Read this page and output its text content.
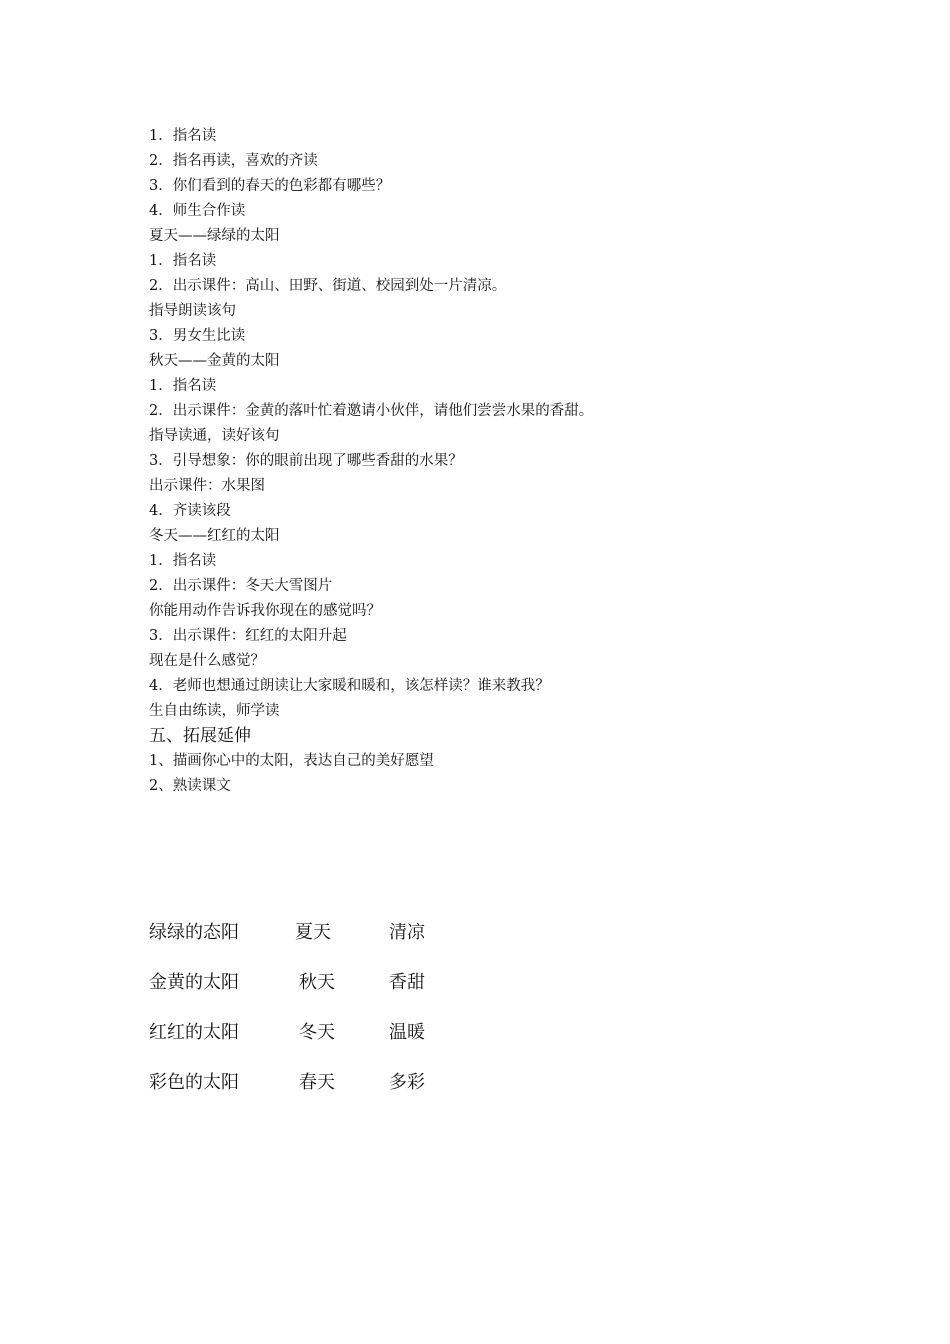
1．指名读
2．指名再读，喜欢的齐读
3．你们看到的春天的色彩都有哪些？
4．师生合作读
夏天——绿绿的太阳
1．指名读
2．出示课件：高山、田野、街道、校园到处一片清凉。
指导朗读该句
3．男女生比读
秋天——金黄的太阳
1．指名读
2．出示课件：金黄的落叶忙着邀请小伙伴，请他们尝尝水果的香甜。
指导读通，读好该句
3．引导想象：你的眼前出现了哪些香甜的水果？
出示课件：水果图
4．齐读该段
冬天——红红的太阳
1．指名读
2．出示课件：冬天大雪图片
你能用动作告诉我你现在的感觉吗？
3．出示课件：红红的太阳升起
现在是什么感觉？
4．老师也想通过朗读让大家暖和暖和，该怎样读？谁来教我？
生自由练读，师学读
五、拓展延伸
1、描画你心中的太阳，表达自己的美好愿望
2、熟读课文
绿绿的态阳	夏天	清凉
金黄的太阳	秋天	香甜
红红的太阳	冬天	温暖
彩色的太阳	春天	多彩
